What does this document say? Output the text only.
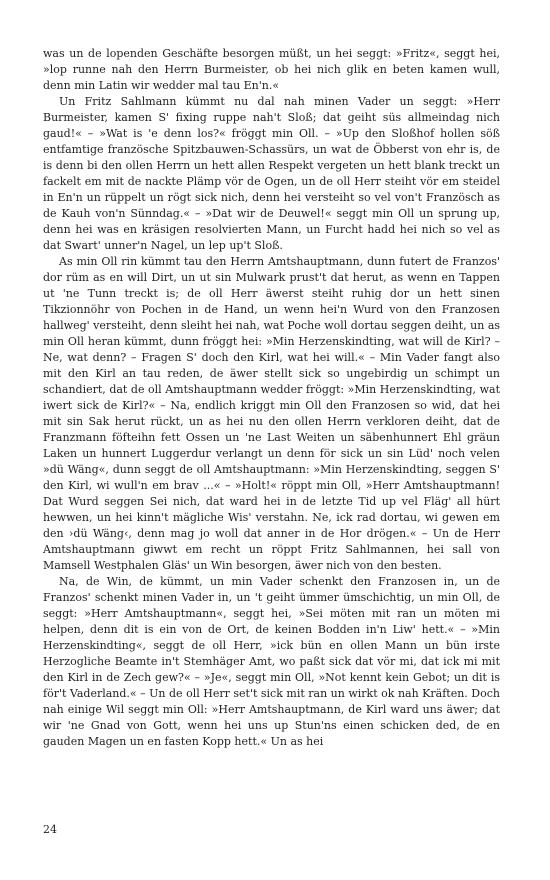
was un de lopenden Geschäfte besorgen müßt, un hei seggt: »Fritz«, seggt hei, »lop runne nah den Herrn Burmeister, ob hei nich glik en beten kamen wull, denn min Latin wir wedder mal tau En'n.«

Un Fritz Sahlmann kümmt nu dal nah minen Vader un seggt: »Herr Burmeister, kamen S' fixing ruppe nah't Sloß; dat geiht süs allmeindag nich gaud!« – »Wat is 'e denn los?« fröggt min Oll. – »Up den Sloßhof hollen söß entfamtige französche Spitzbauwen-Schassürs, un wat de Öbberst von ehr is, de is denn bi den ollen Herrn un hett allen Respekt vergeten un hett blank treckt un fackelt em mit de nackte Plämp vör de Ogen, un de oll Herr steiht vör em steidel in En'n un rüppelt un rögt sick nich, denn hei versteiht so vel von't Französch as de Kauh von'n Sünndag.« – »Dat wir de Deuwel!« seggt min Oll un sprung up, denn hei was en kräsigen resolvierten Mann, un Furcht hadd hei nich so vel as dat Swart' unner'n Nagel, un lep up't Sloß.

As min Oll rin kümmt tau den Herrn Amtshauptmann, dunn futert de Franzos' dor rüm as en will Dirt, un ut sin Mulwark prust't dat herut, as wenn en Tappen ut 'ne Tunn treckt is; de oll Herr äwerst steiht ruhig dor un hett sinen Tikzionnöhr von Pochen in de Hand, un wenn hei'n Wurd von den Franzosen hallweg' versteiht, denn sleiht hei nah, wat Poche woll dortau seggen deiht, un as min Oll heran kümmt, dunn fröggt hei: »Min Herzenskindting, wat will de Kirl? – Ne, wat denn? – Fragen S' doch den Kirl, wat hei will.« – Min Vader fangt also mit den Kirl an tau reden, de äwer stellt sick so ungebirdig un schimpt un schandiert, dat de oll Amtshauptmann wedder fröggt: »Min Herzenskindting, wat iwert sick de Kirl?« – Na, endlich kriggt min Oll den Franzosen so wid, dat hei mit sin Sak herut rückt, un as hei nu den ollen Herrn verkloren deiht, dat de Franzmann föfteihn fett Ossen un 'ne Last Weiten un säbenhunnert Ehl gräun Laken un hunnert Luggerdur verlangt un denn för sick un sin Lüd' noch velen »dü Wäng«, dunn seggt de oll Amtshauptmann: »Min Herzenskindting, seggen S' den Kirl, wi wull'n em brav ...« – »Holt!« röppt min Oll, »Herr Amtshauptmann! Dat Wurd seggen Sei nich, dat ward hei in de letzte Tid up vel Fläg' all hürt hewwen, un hei kinn't mägliche Wis' verstahn. Ne, ick rad dortau, wi gewen em den ›dü Wäng‹, denn mag jo woll dat anner in de Hor drögen.« – Un de Herr Amtshauptmann giwwt em recht un röppt Fritz Sahlmannen, hei sall von Mamsell Westphalen Gläs' un Win besorgen, äwer nich von den besten.

Na, de Win, de kümmt, un min Vader schenkt den Franzosen in, un de Franzos' schenkt minen Vader in, un 't geiht ümmer ümschichtig, un min Oll, de seggt: »Herr Amtshauptmann«, seggt hei, »Sei möten mit ran un möten mi helpen, denn dit is ein von de Ort, de keinen Bodden in'n Liw' hett.« – »Min Herzenskindting«, seggt de oll Herr, »ick bün en ollen Mann un bün irste Herzogliche Beamte in't Stemhäger Amt, wo paßt sick dat vör mi, dat ick mi mit den Kirl in de Zech gew?« – »Je«, seggt min Oll, »Not kennt kein Gebot; un dit is för't Vaderland.« – Un de oll Herr set't sick mit ran un wirkt ok nah Kräften. Doch nah einige Wil seggt min Oll: »Herr Amtshauptmann, de Kirl ward uns äwer; dat wir 'ne Gnad von Gott, wenn hei uns up Stun'ns einen schicken ded, de en gauden Magen un en fasten Kopp hett.« Un as hei

24
